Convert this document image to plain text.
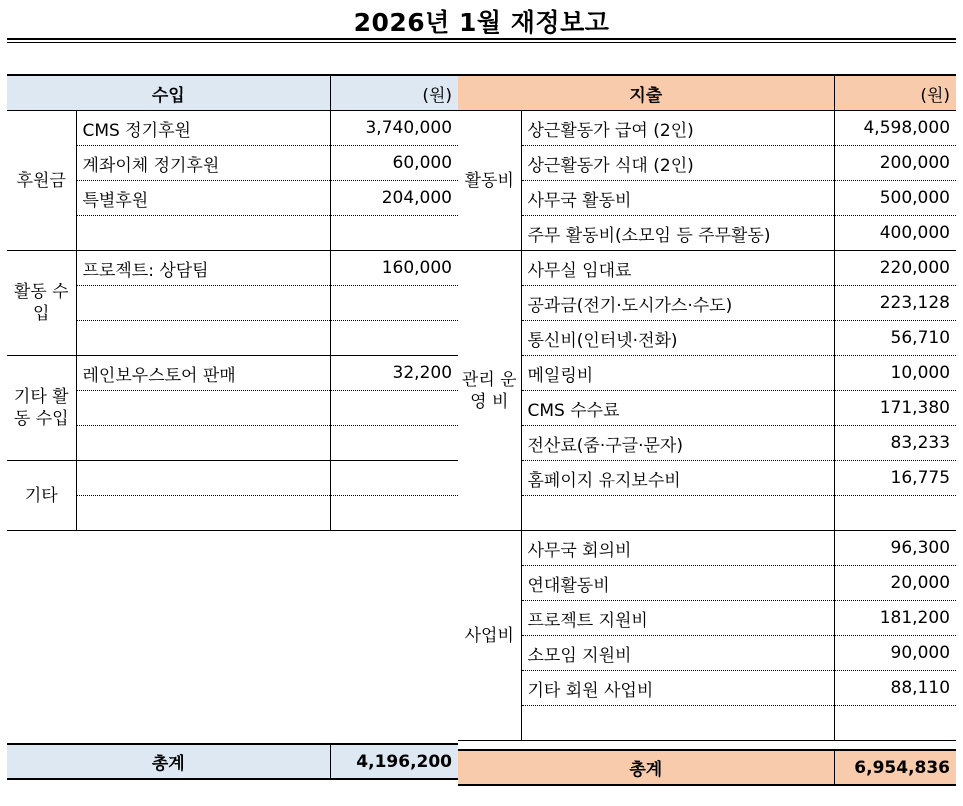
2026년 1월 재정보고
수입		(원)
후원금	CMS 정기후원	3,740,000
	계좌이체 정기후원	60,000
	특별후원	204,000

활동 수입	프로젝트: 상담팀	160,000

기타 활동 수입	레인보우스토어 판매	32,200

기타		

총계		4,196,200
지출		(원)
활동비	상근활동가 급여 (2인)	4,598,000
	상근활동가 식대 (2인)	200,000
	사무국 활동비	500,000
	주무 활동비(소모임 등 주무활동)	400,000
관리 운영 비	사무실 임대료	220,000
	공과금(전기·도시가스·수도)	223,128
	통신비(인터넷·전화)	56,710
	메일링비	10,000
	CMS 수수료	171,380
	전산료(줌·구글·문자)	83,233
	홈페이지 유지보수비	16,775

사업비	사무국 회의비	96,300
	연대활동비	20,000
	프로젝트 지원비	181,200
	소모임 지원비	90,000
	기타 회원 사업비	88,110

총계		6,954,836
